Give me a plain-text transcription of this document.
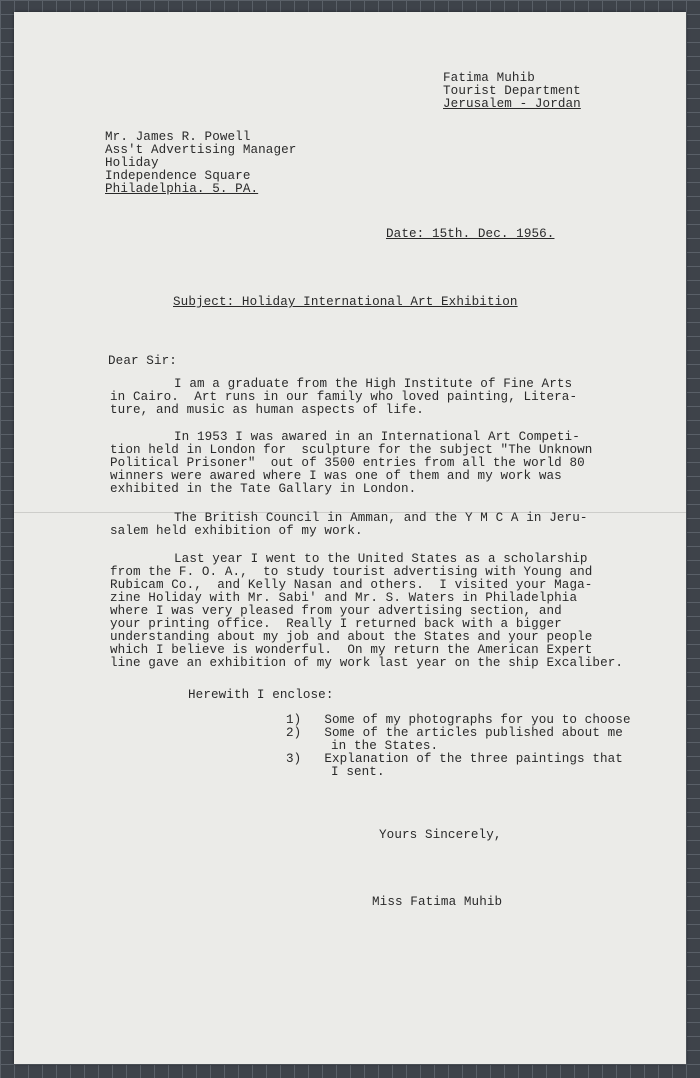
Fatima Muhib
Tourist Department
Jerusalem - Jordan
Mr. James R. Powell
Ass't Advertising Manager
Holiday
Independence Square
Philadelphia. 5. PA.
Date: 15th. Dec. 1956.
Subject: Holiday International Art Exhibition
Dear Sir:
I am a graduate from the High Institute of Fine Arts
in Cairo.  Art runs in our family who loved painting, Litera-
ture, and music as human aspects of life.
In 1953 I was awared in an International Art Competi-
tion held in London for  sculpture for the subject "The Unknown
Political Prisoner"  out of 3500 entries from all the world 80
winners were awared where I was one of them and my work was
exhibited in the Tate Gallary in London.
The British Council in Amman, and the Y M C A in Jeru-
salem held exhibition of my work.
Last year I went to the United States as a scholarship
from the F. O. A.,  to study tourist advertising with Young and
Rubicam Co.,  and Kelly Nasan and others.  I visited your Maga-
zine Holiday with Mr. Sabi' and Mr. S. Waters in Philadelphia
where I was very pleased from your advertising section, and
your printing office.  Really I returned back with a bigger
understanding about my job and about the States and your people
which I believe is wonderful.  On my return the American Expert
line gave an exhibition of my work last year on the ship Excaliber.
Herewith I enclose:
1) Some of my photographs for you to choose
2) Some of the articles published about me
in the States.
3) Explanation of the three paintings that
I sent.
Yours Sincerely,
Miss Fatima Muhib
